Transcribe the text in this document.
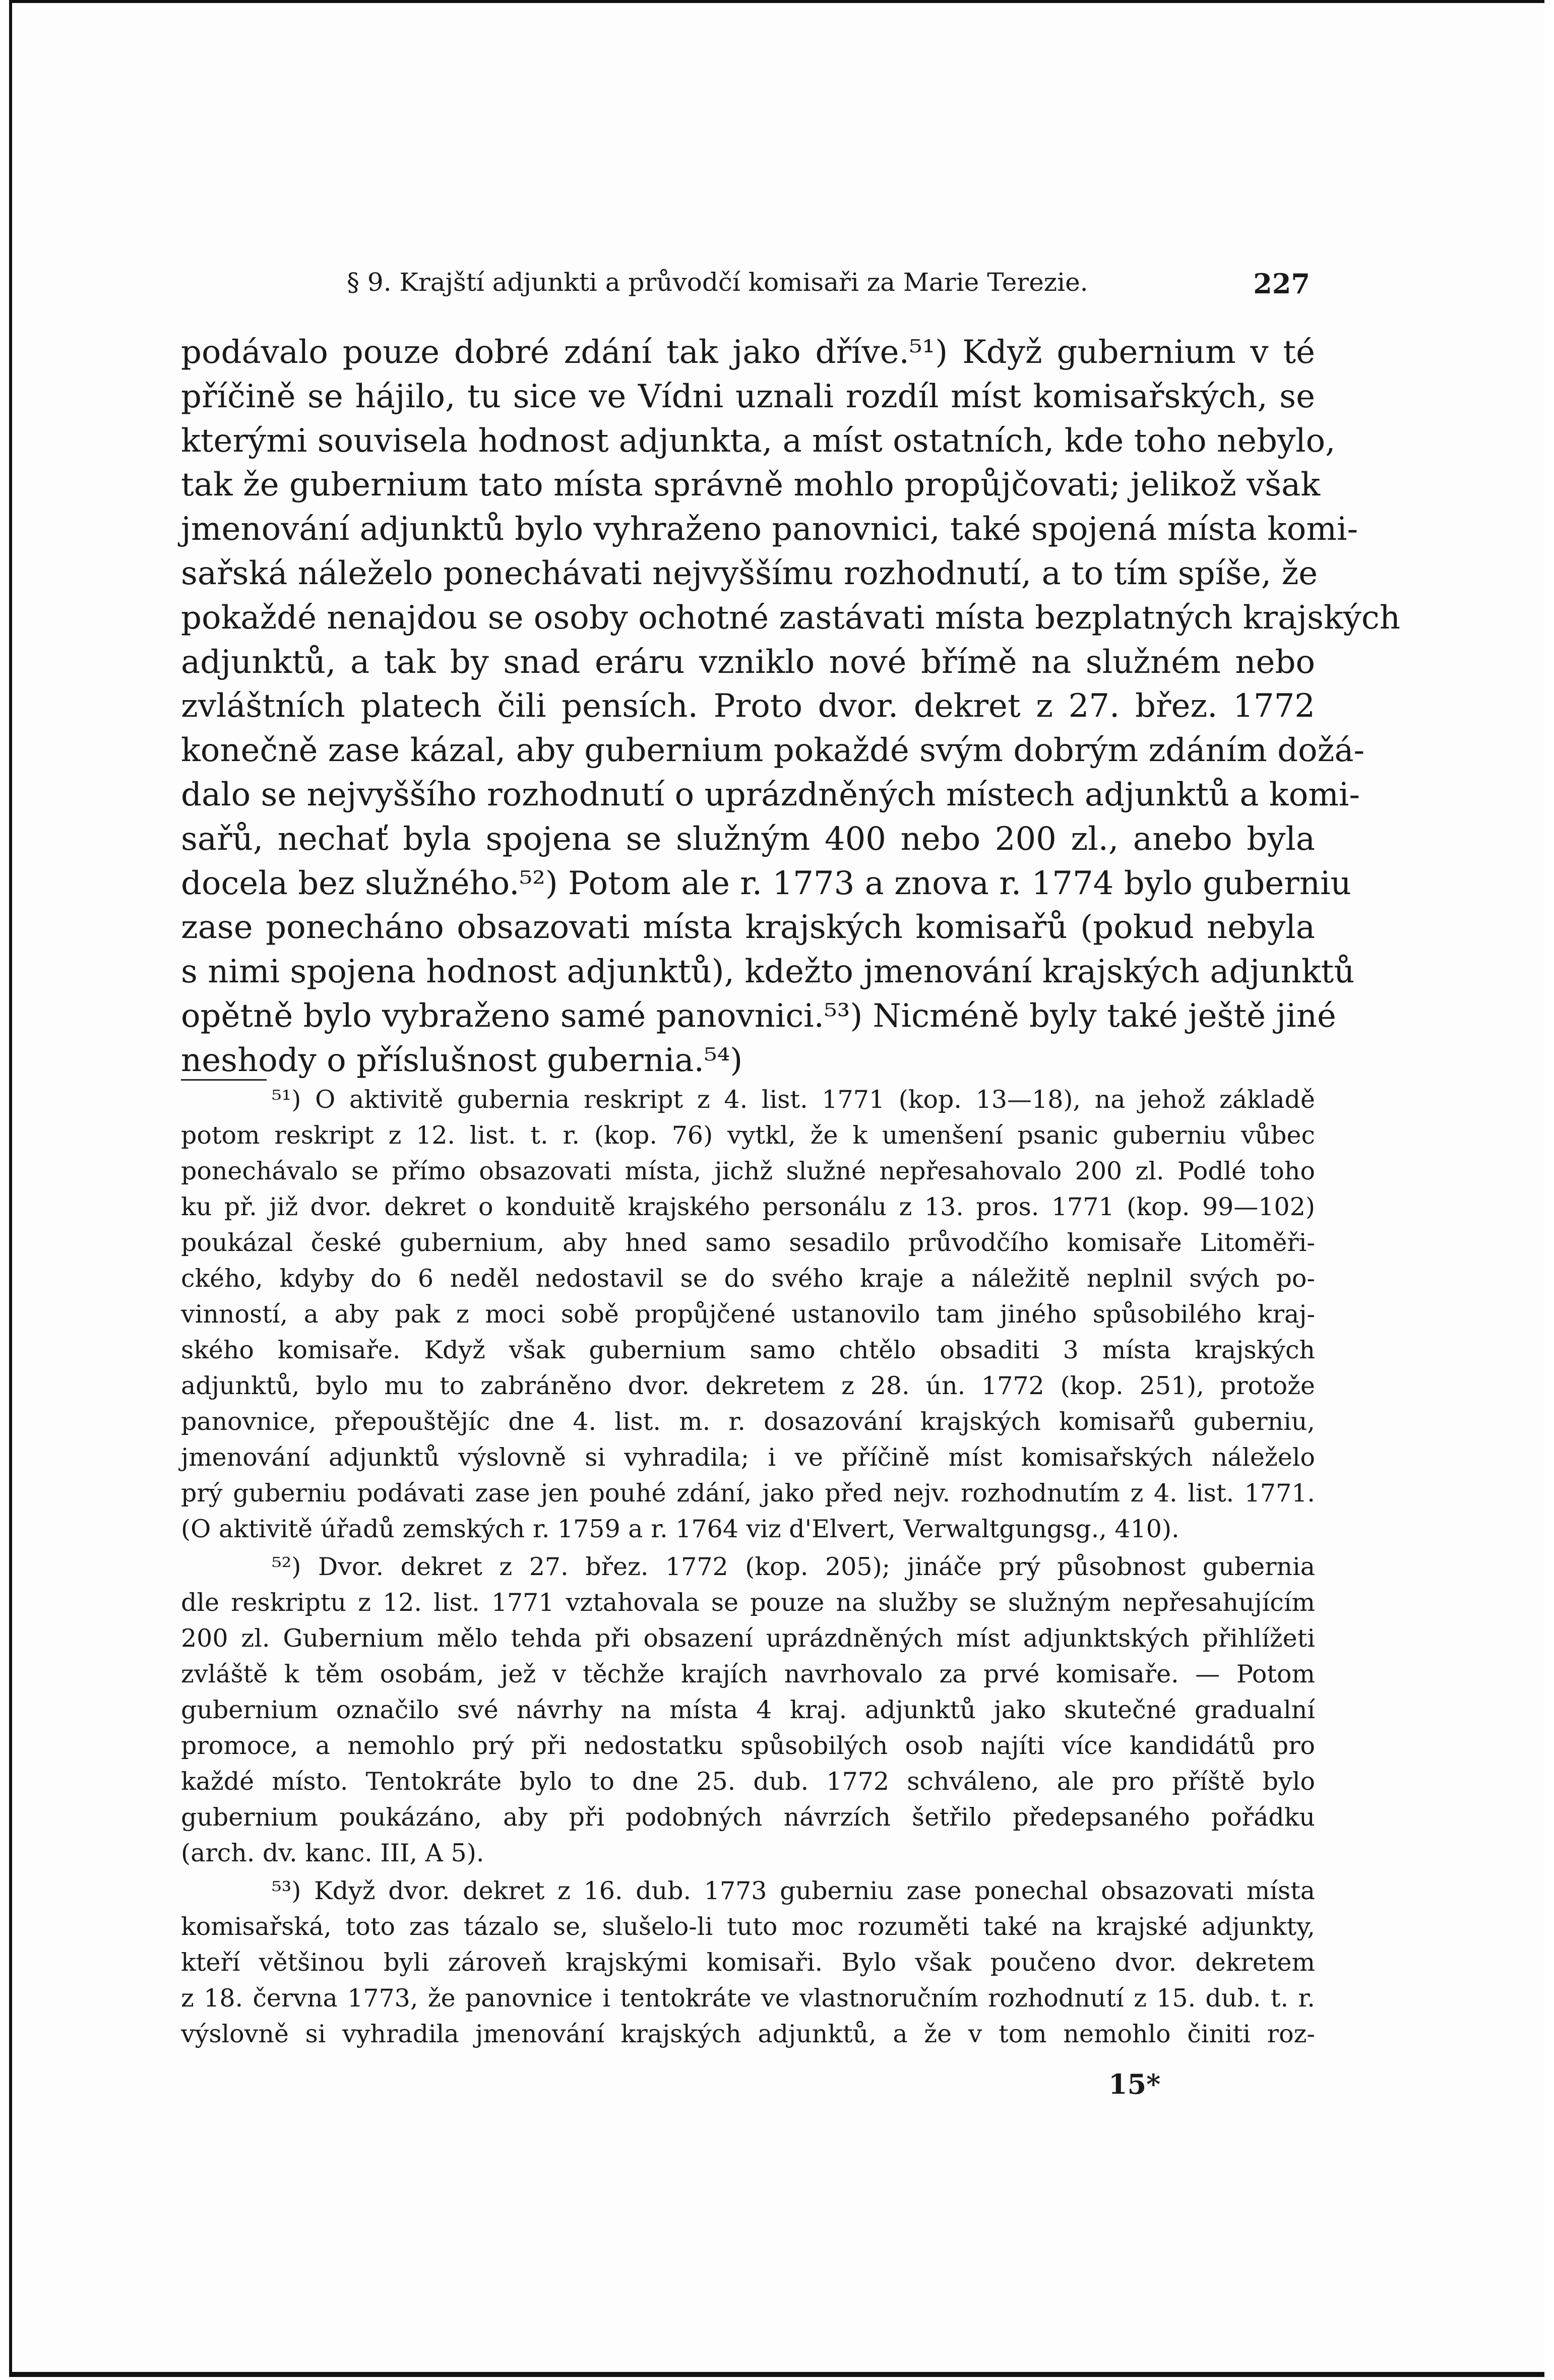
§ 9. Krajští adjunkti a průvodčí komisaři za Marie Terezie.	227
podávalo pouze dobré zdání tak jako dříve.⁵¹) Když gubernium v té
příčině se hájilo, tu sice ve Vídni uznali rozdíl míst komisařských, se
kterými souvisela hodnost adjunkta, a míst ostatních, kde toho nebylo,
tak že gubernium tato místa správně mohlo propůjčovati; jelikož však
jmenování adjunktů bylo vyhraženo panovnici, také spojená místa komi-
sařská náleželo ponechávati nejvyššímu rozhodnutí, a to tím spíše, že
pokaždé nenajdou se osoby ochotné zastávati místa bezplatných krajských
adjunktů, a tak by snad eráru vzniklo nové břímě na služném nebo
zvláštních platech čili pensích. Proto dvor. dekret z 27. břez. 1772
konečně zase kázal, aby gubernium pokaždé svým dobrým zdáním dožá-
dalo se nejvyššího rozhodnutí o uprázdněných místech adjunktů a komi-
sařů, nechať byla spojena se služným 400 nebo 200 zl., anebo byla
docela bez služného.⁵²) Potom ale r. 1773 a znova r. 1774 bylo guberniu
zase ponecháno obsazovati místa krajských komisařů (pokud nebyla
s nimi spojena hodnost adjunktů), kdežto jmenování krajských adjunktů
opětně bylo vybraženo samé panovnici.⁵³) Nicméně byly také ještě jiné
neshody o příslušnost gubernia.⁵⁴)
⁵¹) O aktivitě gubernia reskript z 4. list. 1771 (kop. 13—18), na jehož základě
potom reskript z 12. list. t. r. (kop. 76) vytkl, že k umenšení psanic guberniu vůbec
ponechávalo se přímo obsazovati místa, jichž služné nepřesahovalo 200 zl. Podlé toho
ku př. již dvor. dekret o konduitě krajského personálu z 13. pros. 1771 (kop. 99—102)
poukázal české gubernium, aby hned samo sesadilo průvodčího komisaře Litoměři-
ckého, kdyby do 6 neděl nedostavil se do svého kraje a náležitě neplnil svých po-
vinností, a aby pak z moci sobě propůjčené ustanovilo tam jiného spůsobilého kraj-
ského komisaře. Když však gubernium samo chtělo obsaditi 3 místa krajských
adjunktů, bylo mu to zabráněno dvor. dekretem z 28. ún. 1772 (kop. 251), protože
panovnice, přepouštějíc dne 4. list. m. r. dosazování krajských komisařů guberniu,
jmenování adjunktů výslovně si vyhradila; i ve příčině míst komisařských náleželo
prý guberniu podávati zase jen pouhé zdání, jako před nejv. rozhodnutím z 4. list. 1771.
(O aktivitě úřadů zemských r. 1759 a r. 1764 viz d'Elvert, Verwaltgungsg., 410).
⁵²) Dvor. dekret z 27. břez. 1772 (kop. 205); jináče prý působnost gubernia
dle reskriptu z 12. list. 1771 vztahovala se pouze na služby se služným nepřesahujícím
200 zl. Gubernium mělo tehda při obsazení uprázdněných míst adjunktských přihlížeti
zvláště k těm osobám, jež v těchže krajích navrhovalo za prvé komisaře. — Potom
gubernium označilo své návrhy na místa 4 kraj. adjunktů jako skutečné gradualní
promoce, a nemohlo prý při nedostatku spůsobilých osob najíti více kandidátů pro
každé místo. Tentokráte bylo to dne 25. dub. 1772 schváleno, ale pro příště bylo
gubernium poukázáno, aby při podobných návrzích šetřilo předepsaného pořádku
(arch. dv. kanc. III, A 5).
⁵³) Když dvor. dekret z 16. dub. 1773 guberniu zase ponechal obsazovati místa
komisařská, toto zas tázalo se, slušelo-li tuto moc rozuměti také na krajské adjunkty,
kteří většinou byli zároveň krajskými komisaři. Bylo však poučeno dvor. dekretem
z 18. června 1773, že panovnice i tentokráte ve vlastnoručním rozhodnutí z 15. dub. t. r.
výslovně si vyhradila jmenování krajských adjunktů, a že v tom nemohlo činiti roz-
15*
